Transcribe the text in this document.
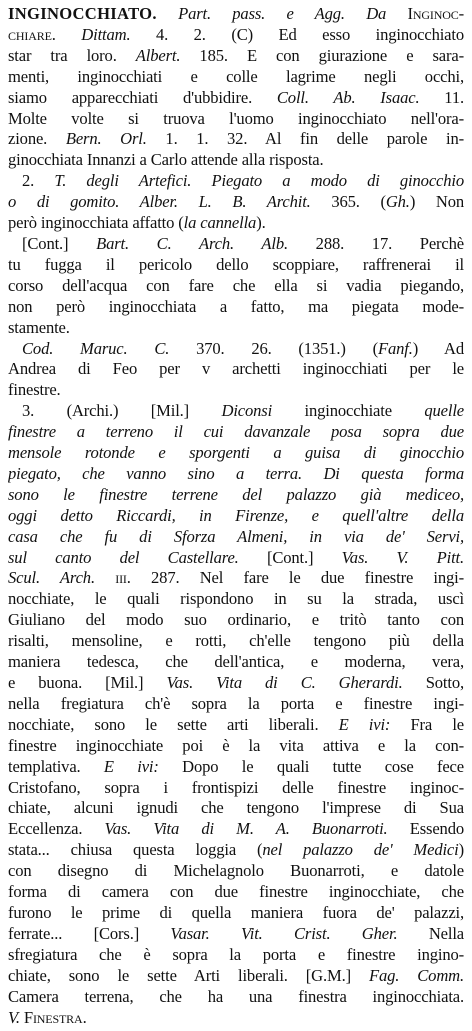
INGINOCCHIATO. Part. pass. e Agg. Da Inginoc-
chiare. Dittam. 4. 2. (C) Ed esso inginocchiato
star tra loro. Albert. 185. E con giurazione e sara-
menti, inginocchiati e colle lagrime negli occhi,
siamo apparecchiati d'ubbidire. Coll. Ab. Isaac. 11.
Molte volte si truova l'uomo inginocchiato nell'ora-
zione. Bern. Orl. 1. 1. 32. Al fin delle parole in-
ginocchiata Innanzi a Carlo attende alla risposta.
2. T. degli Artefici. Piegato a modo di ginocchio
o di gomito. Alber. L. B. Archit. 365. (Gh.) Non
però inginocchiata affatto (la cannella).
[Cont.] Bart. C. Arch. Alb. 288. 17. Perchè
tu fugga il pericolo dello scoppiare, raffrenerai il
corso dell'acqua con fare che ella si vadia piegando,
non però inginocchiata a fatto, ma piegata mode-
stamente.
Cod. Maruc. C. 370. 26. (1351.) (Fanf.) Ad
Andrea di Feo per v archetti inginocchiati per le
finestre.
3. (Archi.) [Mil.] Diconsi inginocchiate quelle
finestre a terreno il cui davanzale posa sopra due
mensole rotonde e sporgenti a guisa di ginocchio
piegato, che vanno sino a terra. Di questa forma
sono le finestre terrene del palazzo già mediceo,
oggi detto Riccardi, in Firenze, e quell'altre della
casa che fu di Sforza Almeni, in via de' Servi,
sul canto del Castellare. [Cont.] Vas. V. Pitt.
Scul. Arch. iii. 287. Nel fare le due finestre ingi-
nocchiate, le quali rispondono in su la strada, uscì
Giuliano del modo suo ordinario, e tritò tanto con
risalti, mensoline, e rotti, ch'elle tengono più della
maniera tedesca, che dell'antica, e moderna, vera,
e buona. [Mil.] Vas. Vita di C. Gherardi. Sotto,
nella fregiatura ch'è sopra la porta e finestre ingi-
nocchiate, sono le sette arti liberali. E ivi: Fra le
finestre inginocchiate poi è la vita attiva e la con-
templativa. E ivi: Dopo le quali tutte cose fece
Cristofano, sopra i frontispizi delle finestre inginoc-
chiate, alcuni ignudi che tengono l'imprese di Sua
Eccellenza. Vas. Vita di M. A. Buonarroti. Essendo
stata... chiusa questa loggia (nel palazzo de' Medici)
con disegno di Michelagnolo Buonarroti, e datole
forma di camera con due finestre inginocchiate, che
furono le prime di quella maniera fuora de' palazzi,
ferrate... [Cors.] Vasar. Vit. Crist. Gher. Nella
sfregiatura che è sopra la porta e finestre ingino-
chiate, sono le sette Arti liberali. [G.M.] Fag. Comm.
Camera terrena, che ha una finestra inginocchiata.
V. Finestra.
